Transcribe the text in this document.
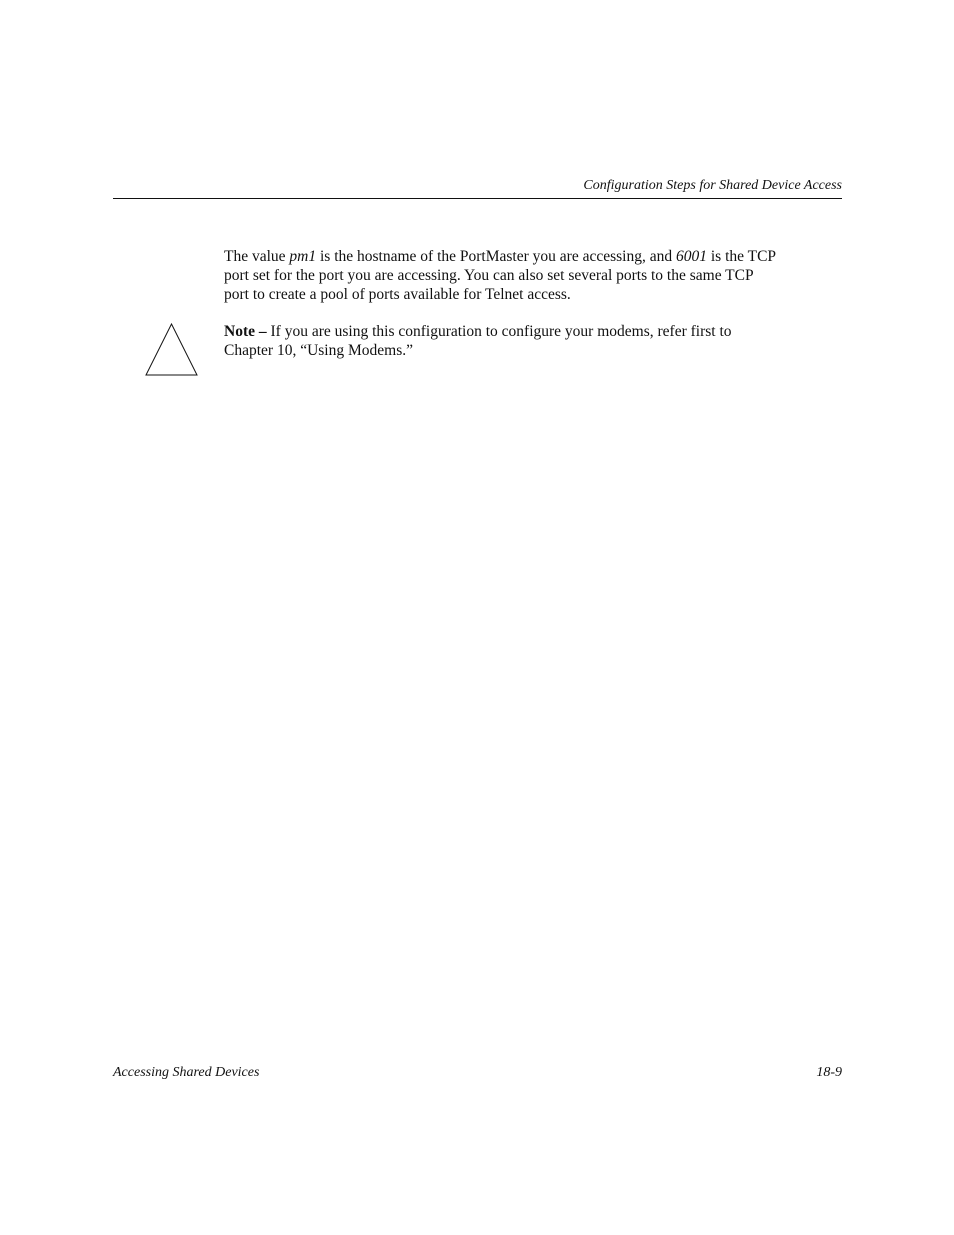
Configuration Steps for Shared Device Access

The value pm1 is the hostname of the PortMaster you are accessing, and 6001 is the TCP
port set for the port you are accessing. You can also set several ports to the same TCP
port to create a pool of ports available for Telnet access.

Note – If you are using this configuration to configure your modems, refer first to
Chapter 10, “Using Modems.”

Accessing Shared Devices	18-9
